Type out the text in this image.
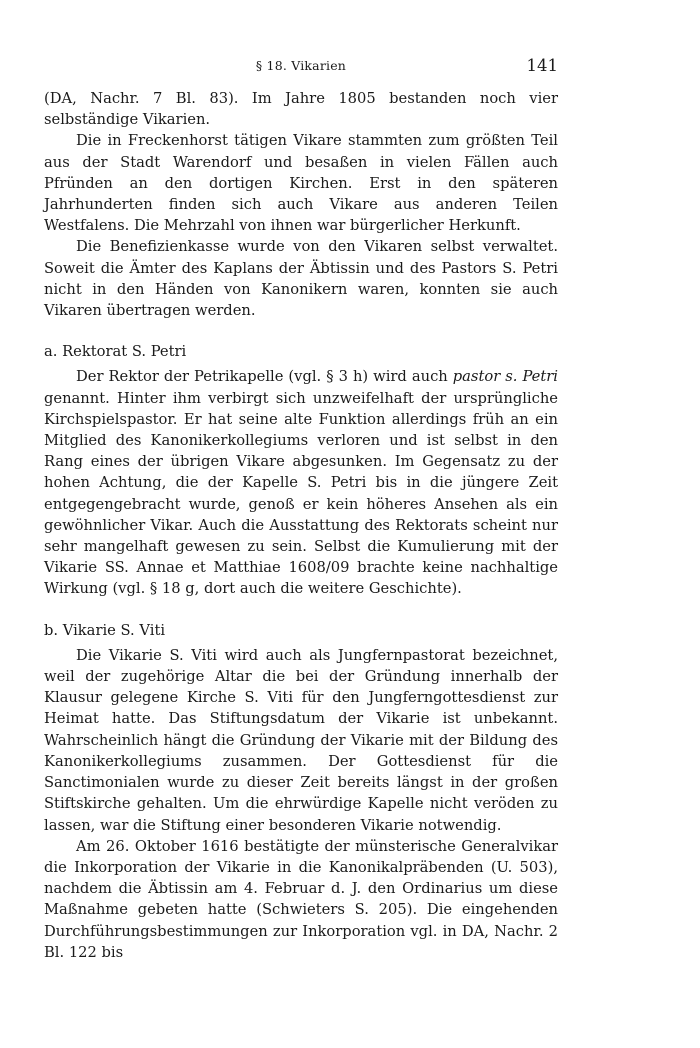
§ 18. Vikarien	141

(DA, Nachr. 7 Bl. 83). Im Jahre 1805 bestanden noch vier selbständige Vikarien.

Die in Freckenhorst tätigen Vikare stammten zum größten Teil aus der Stadt Warendorf und besaßen in vielen Fällen auch Pfründen an den dortigen Kirchen. Erst in den späteren Jahrhunderten finden sich auch Vikare aus anderen Teilen Westfalens. Die Mehrzahl von ihnen war bürgerlicher Herkunft.

Die Benefizienkasse wurde von den Vikaren selbst verwaltet. Soweit die Ämter des Kaplans der Äbtissin und des Pastors S. Petri nicht in den Händen von Kanonikern waren, konnten sie auch Vikaren übertragen werden.

a. Rektorat S. Petri

Der Rektor der Petrikapelle (vgl. § 3 h) wird auch pastor s. Petri genannt. Hinter ihm verbirgt sich unzweifelhaft der ursprüngliche Kirchspielspastor. Er hat seine alte Funktion allerdings früh an ein Mitglied des Kanonikerkollegiums verloren und ist selbst in den Rang eines der übrigen Vikare abgesunken. Im Gegensatz zu der hohen Achtung, die der Kapelle S. Petri bis in die jüngere Zeit entgegengebracht wurde, genoß er kein höheres Ansehen als ein gewöhnlicher Vikar. Auch die Ausstattung des Rektorats scheint nur sehr mangelhaft gewesen zu sein. Selbst die Kumulierung mit der Vikarie SS. Annae et Matthiae 1608/09 brachte keine nachhaltige Wirkung (vgl. § 18 g, dort auch die weitere Geschichte).

b. Vikarie S. Viti

Die Vikarie S. Viti wird auch als Jungfernpastorat bezeichnet, weil der zugehörige Altar die bei der Gründung innerhalb der Klausur gelegene Kirche S. Viti für den Jungferngottesdienst zur Heimat hatte. Das Stiftungsdatum der Vikarie ist unbekannt. Wahrscheinlich hängt die Gründung der Vikarie mit der Bildung des Kanonikerkollegiums zusammen. Der Gottesdienst für die Sanctimonialen wurde zu dieser Zeit bereits längst in der großen Stiftskirche gehalten. Um die ehrwürdige Kapelle nicht veröden zu lassen, war die Stiftung einer besonderen Vikarie notwendig.

Am 26. Oktober 1616 bestätigte der münsterische Generalvikar die Inkorporation der Vikarie in die Kanonikalpräbenden (U. 503), nachdem die Äbtissin am 4. Februar d. J. den Ordinarius um diese Maßnahme gebeten hatte (Schwieters S. 205). Die eingehenden Durchführungsbestimmungen zur Inkorporation vgl. in DA, Nachr. 2 Bl. 122 bis
